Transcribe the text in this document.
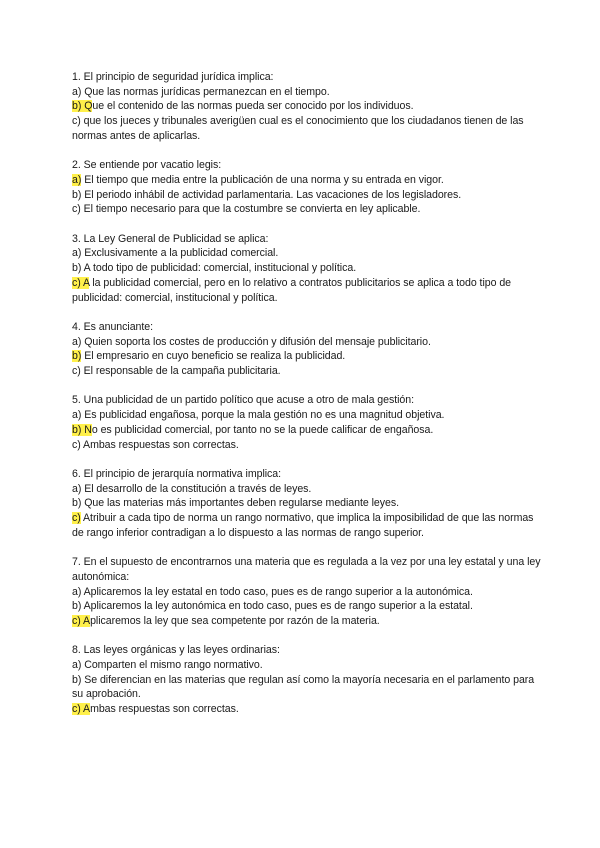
1. El principio de seguridad jurídica implica:

a) Que las normas jurídicas permanezcan en el tiempo.

b) Que el contenido de las normas pueda ser conocido por los individuos.

c) que los jueces y tribunales averigüen cual es el conocimiento que los ciudadanos tienen de las normas antes de aplicarlas.

2. Se entiende por vacatio legis:

a) El tiempo que media entre la publicación de una norma y su entrada en vigor.

b) El periodo inhábil de actividad parlamentaria. Las vacaciones de los legisladores.

c) El tiempo necesario para que la costumbre se convierta en ley aplicable.

3. La Ley General de Publicidad se aplica:

a) Exclusivamente a la publicidad comercial.

b) A todo tipo de publicidad: comercial, institucional y política.

c) A la publicidad comercial, pero en lo relativo a contratos publicitarios se aplica a todo tipo de publicidad: comercial, institucional y política.

4. Es anunciante:

a) Quien soporta los costes de producción y difusión del mensaje publicitario.

b) El empresario en cuyo beneficio se realiza la publicidad.

c) El responsable de la campaña publicitaria.

5. Una publicidad de un partido político que acuse a otro de mala gestión:

a) Es publicidad engañosa, porque la mala gestión no es una magnitud objetiva.

b) No es publicidad comercial, por tanto no se la puede calificar de engañosa.

c) Ambas respuestas son correctas.

6. El principio de jerarquía normativa implica:

a) El desarrollo de la constitución a través de leyes.

b) Que las materias más importantes deben regularse mediante leyes.

c) Atribuir a cada tipo de norma un rango normativo, que implica la imposibilidad de que las normas de rango inferior contradigan a lo dispuesto a las normas de rango superior.

7. En el supuesto de encontrarnos una materia que es regulada a la vez por una ley estatal y una ley autonómica:

a) Aplicaremos la ley estatal en todo caso, pues es de rango superior a la autonómica.

b) Aplicaremos la ley autonómica en todo caso, pues es de rango superior a la estatal.

c) Aplicaremos la ley que sea competente por razón de la materia.

8. Las leyes orgánicas y las leyes ordinarias:

a) Comparten el mismo rango normativo.

b) Se diferencian en las materias que regulan así como la mayoría necesaria en el parlamento para su aprobación.

c) Ambas respuestas son correctas.
